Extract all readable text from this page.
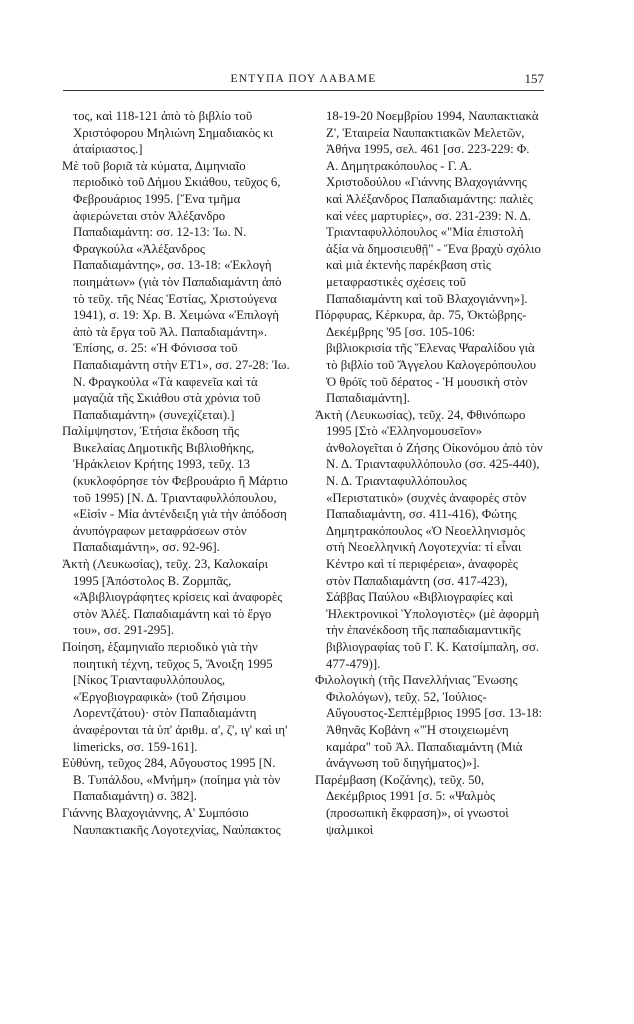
ΕΝΤΥΠΑ ΠΟΥ ΛΑΒΑΜΕ	157

τος, καὶ 118-121 ἀπὸ τὸ βιβλίο τοῦ Χριστόφορου Μηλιώνη Σημαδιακὸς κι ἀταίριαστος.]

Μὲ τοῦ βοριᾶ τὰ κύματα, Διμηνιαῖο περιοδικὸ τοῦ Δήμου Σκιάθου, τεῦχος 6, Φεβρουάριος 1995. [Ἕνα τμῆμα ἀφιερώνεται στὸν Ἀλέξανδρο Παπαδιαμάντη: σσ. 12-13: Ἰω. Ν. Φραγκούλα «Ἀλέξανδρος Παπαδιαμάντης», σσ. 13-18: «Ἐκλογὴ ποιημάτων» (γιὰ τὸν Παπαδιαμάντη ἀπὸ τὸ τεῦχ. τῆς Νέας Ἑστίας, Χριστούγενα 1941), σ. 19: Χρ. Β. Χειμώνα «Ἐπιλογὴ ἀπὸ τὰ ἔργα τοῦ Ἀλ. Παπαδιαμάντη». Ἐπίσης, σ. 25: «Ἡ Φόνισσα τοῦ Παπαδιαμάντη στὴν ΕΤ1», σσ. 27-28: Ἰω. Ν. Φραγκούλα «Τὰ καφενεῖα καὶ τὰ μαγαζιὰ τῆς Σκιάθου στὰ χρόνια τοῦ Παπαδιαμάντη» (συνεχίζεται).]

Παλίμψηστον, Ἐτήσια ἔκδοση τῆς Βικελαίας Δημοτικῆς Βιβλιοθήκης, Ἡράκλειον Κρήτης 1993, τεῦχ. 13 (κυκλοφόρησε τὸν Φεβρουάριο ἢ Μάρτιο τοῦ 1995) [Ν. Δ. Τριανταφυλλόπουλου, «Εἰσὶν - Μία ἀντένδειξη γιὰ τὴν ἀπόδοση ἀνυπόγραφων μεταφράσεων στὸν Παπαδιαμάντη», σσ. 92-96].

Ἀκτὴ (Λευκωσίας), τεῦχ. 23, Καλοκαίρι 1995 [Ἀπόστολος Β. Ζορμπᾶς, «Ἀβιβλιογράφητες κρίσεις καὶ ἀναφορὲς στὸν Ἀλέξ. Παπαδιαμάντη καὶ τὸ ἔργο του», σσ. 291-295].

Ποίηση, ἑξαμηνιαῖο περιοδικὸ γιὰ τὴν ποιητικὴ τέχνη, τεῦχος 5, Ἄνοιξη 1995 [Νίκος Τριανταφυλλόπουλος, «Ἐργοβιογραφικὰ» (τοῦ Ζήσιμου Λορεντζάτου)· στὸν Παπαδιαμάντη ἀναφέρονται τὰ ὑπ' ἀριθμ. α', ζ', ιγ' καὶ ιη' limericks, σσ. 159-161].

Εὐθύνη, τεῦχος 284, Αὔγουστος 1995 [Ν. Β. Τυπάλδου, «Μνήμη» (ποίημα γιὰ τὸν Παπαδιαμάντη) σ. 382].

Γιάννης Βλαχογιάννης, Α' Συμπόσιο Ναυπακτιακῆς Λογοτεχνίας, Ναύπακτος

18-19-20 Νοεμβρίου 1994, Ναυπακτιακὰ Ζ', Ἑταιρεία Ναυπακτιακῶν Μελετῶν, Ἀθήνα 1995, σελ. 461 [σσ. 223-229: Φ. Α. Δημητρακόπουλος - Γ. Α. Χριστοδούλου «Γιάννης Βλαχογιάννης καὶ Ἀλέξανδρος Παπαδιαμάντης: παλιὲς καὶ νέες μαρτυρίες», σσ. 231-239: Ν. Δ. Τριανταφυλλόπουλος «"Μία ἐπιστολὴ ἀξία νὰ δημοσιευθῇ" - Ἕνα βραχὺ σχόλιο καὶ μιὰ ἐκτενὴς παρέκβαση στὶς μεταφραστικὲς σχέσεις τοῦ Παπαδιαμάντη καὶ τοῦ Βλαχογιάννη»].

Πόρφυρας, Κέρκυρα, ἀρ. 75, Ὀκτώβρης-Δεκέμβρης '95 [σσ. 105-106: βιβλιοκρισία τῆς Ἕλενας Ψαραλίδου γιὰ τὸ βιβλίο τοῦ Ἄγγελου Καλογερόπουλου Ὁ θρόϊς τοῦ δέρατος - Ἡ μουσικὴ στὸν Παπαδιαμάντη].

Ἀκτὴ (Λευκωσίας), τεῦχ. 24, Φθινόπωρο 1995 [Στὸ «Ἑλληνομουσεῖον» ἀνθολογεῖται ὁ Ζήσης Οἰκονόμου ἀπὸ τὸν Ν. Δ. Τριανταφυλλόπουλο (σσ. 425-440), Ν. Δ. Τριανταφυλλόπουλος «Περιστατικὸ» (συχνὲς ἀναφορὲς στὸν Παπαδιαμάντη, σσ. 411-416), Φώτης Δημητρακόπουλος «Ὁ Νεοελληνισμὸς στὴ Νεοελληνικὴ Λογοτεχνία: τί εἶναι Κέντρο καὶ τί περιφέρεια», ἀναφορὲς στὸν Παπαδιαμάντη (σσ. 417-423), Σάββας Παύλου «Βιβλιογραφίες καὶ Ἠλεκτρονικοὶ Ὑπολογιστὲς» (μὲ ἀφορμὴ τὴν ἐπανέκδοση τῆς παπαδιαμαντικῆς βιβλιογραφίας τοῦ Γ. Κ. Κατσίμπαλη, σσ. 477-479)].

Φιλολογικὴ (τῆς Πανελλήνιας Ἕνωσης Φιλολόγων), τεῦχ. 52, Ἰούλιος-Αὔγουστος-Σεπτέμβριος 1995 [σσ. 13-18: Ἀθηνᾶς Κοβάνη «"Ἡ στοιχειωμένη καμάρα" τοῦ Ἀλ. Παπαδιαμάντη (Μιὰ ἀνάγνωση τοῦ διηγήματος)»].

Παρέμβαση (Κοζάνης), τεῦχ. 50, Δεκέμβριος 1991 [σ. 5: «Ψαλμὸς (προσωπικὴ ἔκφραση)», οἱ γνωστοὶ ψαλμικοὶ
